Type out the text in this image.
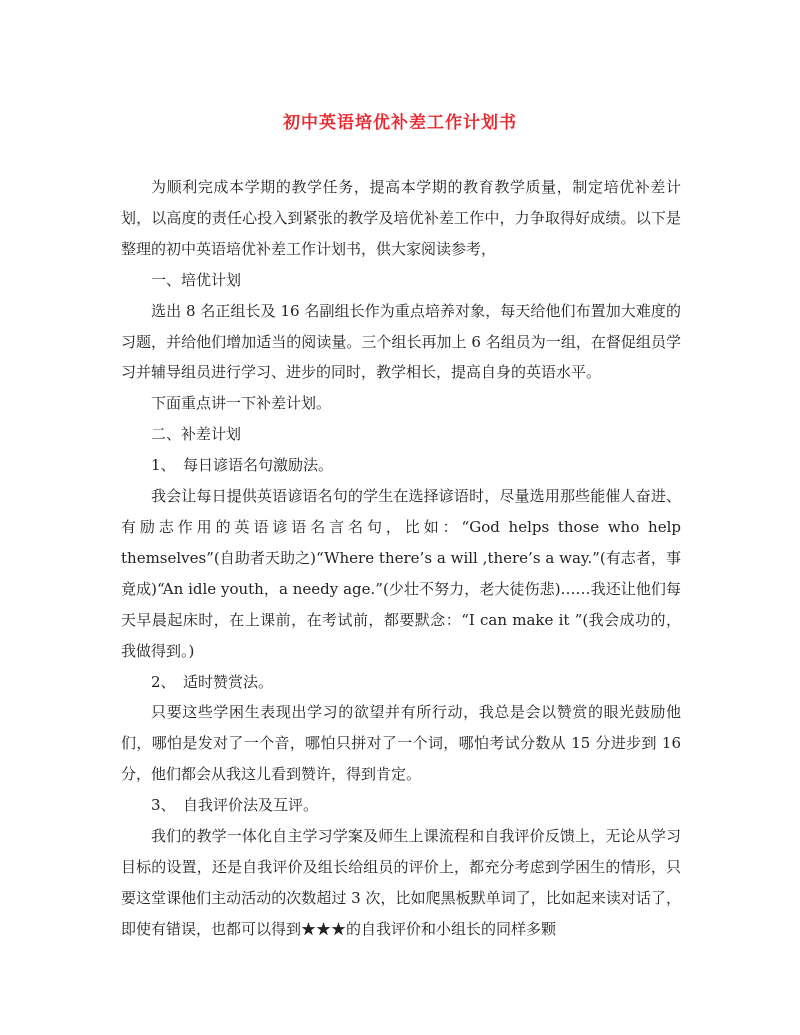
初中英语培优补差工作计划书

为顺利完成本学期的教学任务，提高本学期的教育教学质量，制定培优补差计划，以高度的责任心投入到紧张的教学及培优补差工作中，力争取得好成绩。以下是整理的初中英语培优补差工作计划书，供大家阅读参考，

一、培优计划

选出 8 名正组长及 16 名副组长作为重点培养对象，每天给他们布置加大难度的习题，并给他们增加适当的阅读量。三个组长再加上 6 名组员为一组，在督促组员学习并辅导组员进行学习、进步的同时，教学相长，提高自身的英语水平。

下面重点讲一下补差计划。

二、补差计划

1、　每日谚语名句激励法。

我会让每日提供英语谚语名句的学生在选择谚语时，尽量选用那些能催人奋进、有励志作用的英语谚语名言名句，比如：“God helps those who help themselves”(自助者天助之)“Where there’s a will ,there’s a way.”(有志者，事竟成)“An idle youth，a needy age.”(少壮不努力，老大徒伤悲)……我还让他们每天早晨起床时，在上课前，在考试前，都要默念：“I can make it ”(我会成功的，我做得到。)

2、　适时赞赏法。

只要这些学困生表现出学习的欲望并有所行动，我总是会以赞赏的眼光鼓励他们，哪怕是发对了一个音，哪怕只拼对了一个词，哪怕考试分数从 15 分进步到 16 分，他们都会从我这儿看到赞许，得到肯定。

3、　自我评价法及互评。

我们的教学一体化自主学习学案及师生上课流程和自我评价反馈上，无论从学习目标的设置，还是自我评价及组长给组员的评价上，都充分考虑到学困生的情形，只要这堂课他们主动活动的次数超过 3 次，比如爬黑板默单词了，比如起来读对话了，即使有错误，也都可以得到★★★的自我评价和小组长的同样多颗
